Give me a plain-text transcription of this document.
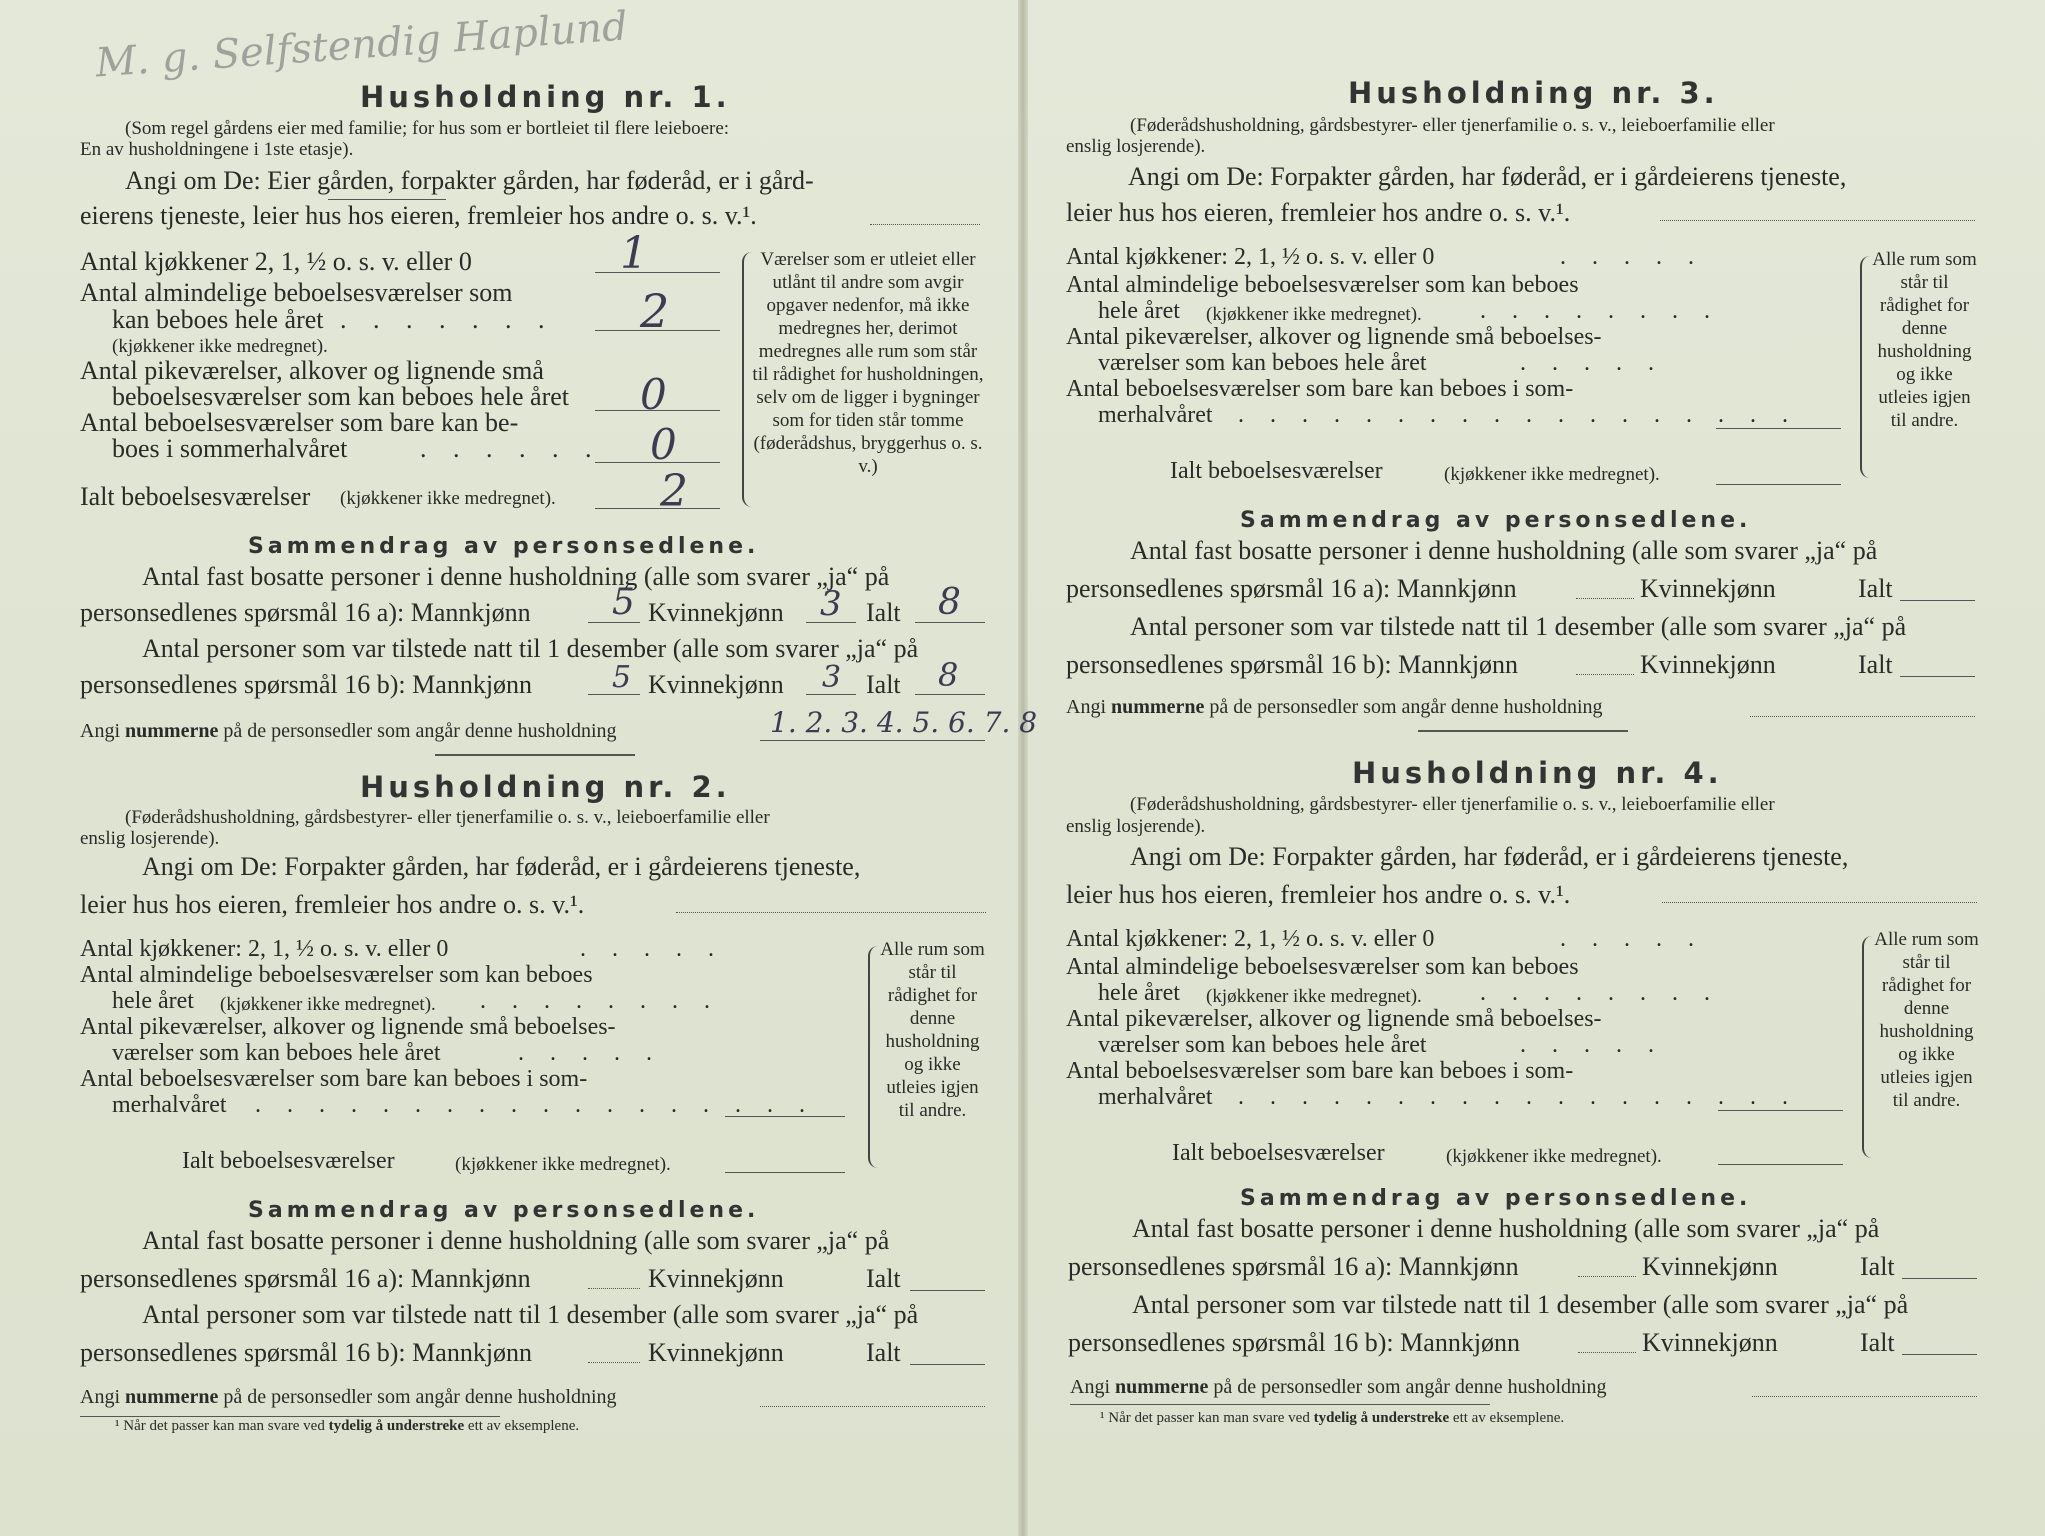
M. g. Selfstendig Haplund
Husholdning nr. 1.
(Som regel gårdens eier med familie; for hus som er bortleiet til flere leieboere:
En av husholdningene i 1ste etasje).
Angi om De: Eier gården, forpakter gården, har føderåd, er i gård-
eierens tjeneste, leier hus hos eieren, fremleier hos andre o. s. v.¹.
Antal kjøkkener 2, 1, ½ o. s. v. eller 0	1
Antal almindelige beboelsesværelser som
kan beboes hele året . . . . . . . 2
(kjøkkener ikke medregnet).
Antal pikeværelser, alkover og lignende små
beboelsesværelser som kan beboes hele året 0
Antal beboelsesværelser som bare kan be-
boes i sommerhalvåret	. . . . . . 0
Ialt beboelsesværelser (kjøkkener ikke medregnet). 2
Værelser som er utleiet eller utlånt til andre som avgir opgaver nedenfor, må ikke medregnes her, derimot medregnes alle rum som står til rådighet for husholdningen, selv om de ligger i bygninger som for tiden står tomme (føderådshus, bryggerhus o. s. v.)
Sammendrag av personsedlene.
Antal fast bosatte personer i denne husholdning (alle som svarer „ja“ på
personsedlenes spørsmål 16 a): Mannkjønn 5 Kvinnekjønn 3 Ialt 8
Antal personer som var tilstede natt til 1 desember (alle som svarer „ja“ på
personsedlenes spørsmål 16 b): Mannkjønn	5 Kvinnekjønn 3 Ialt 8
Angi nummerne på de personsedler som angår denne husholdning	1. 2. 3. 4. 5. 6. 7. 8
Husholdning nr. 2.
(Føderådshusholdning, gårdsbestyrer- eller tjenerfamilie o. s. v., leieboerfamilie eller
enslig losjerende).
Angi om De: Forpakter gården, har føderåd, er i gårdeierens tjeneste,
leier hus hos eieren, fremleier hos andre o. s. v.¹.
Antal kjøkkener: 2, 1, ½ o. s. v. eller 0	. . . . .
Antal almindelige beboelsesværelser som kan beboes
hele året (kjøkkener ikke medregnet). . . . . . . . .
Antal pikeværelser, alkover og lignende små beboelses-
værelser som kan beboes hele året	. . . . .
Antal beboelsesværelser som bare kan beboes i som-
merhalvåret . . . . . . . . . . . . . . . . . .
Ialt beboelsesværelser	(kjøkkener ikke medregnet).
Alle rum som står til rådighet for denne husholdning og ikke utleies igjen til andre.
Sammendrag av personsedlene.
Antal fast bosatte personer i denne husholdning (alle som svarer „ja“ på
personsedlenes spørsmål 16 a): Mannkjønn	Kvinnekjønn	Ialt
Antal personer som var tilstede natt til 1 desember (alle som svarer „ja“ på
personsedlenes spørsmål 16 b): Mannkjønn	Kvinnekjønn	Ialt
Angi nummerne på de personsedler som angår denne husholdning
¹ Når det passer kan man svare ved tydelig å understreke ett av eksemplene.
Husholdning nr. 3.
(Føderådshusholdning, gårdsbestyrer- eller tjenerfamilie o. s. v., leieboerfamilie eller
enslig losjerende).
Angi om De: Forpakter gården, har føderåd, er i gårdeierens tjeneste,
leier hus hos eieren, fremleier hos andre o. s. v.¹.
Antal kjøkkener: 2, 1, ½ o. s. v. eller 0	. . . . .
Antal almindelige beboelsesværelser som kan beboes
hele året (kjøkkener ikke medregnet). . . . . . . . .
Antal pikeværelser, alkover og lignende små beboelses-
værelser som kan beboes hele året	. . . . .
Antal beboelsesværelser som bare kan beboes i som-
merhalvåret . . . . . . . . . . . . . . . . . .
Ialt beboelsesværelser	(kjøkkener ikke medregnet).
Alle rum som står til rådighet for denne husholdning og ikke utleies igjen til andre.
Sammendrag av personsedlene.
Antal fast bosatte personer i denne husholdning (alle som svarer „ja“ på
personsedlenes spørsmål 16 a): Mannkjønn	Kvinnekjønn	Ialt
Antal personer som var tilstede natt til 1 desember (alle som svarer „ja“ på
personsedlenes spørsmål 16 b): Mannkjønn	Kvinnekjønn	Ialt
Angi nummerne på de personsedler som angår denne husholdning
Husholdning nr. 4.
(Føderådshusholdning, gårdsbestyrer- eller tjenerfamilie o. s. v., leieboerfamilie eller
enslig losjerende).
Angi om De: Forpakter gården, har føderåd, er i gårdeierens tjeneste,
leier hus hos eieren, fremleier hos andre o. s. v.¹.
Antal kjøkkener: 2, 1, ½ o. s. v. eller 0	. . . . .
Antal almindelige beboelsesværelser som kan beboes
hele året (kjøkkener ikke medregnet). . . . . . . . .
Antal pikeværelser, alkover og lignende små beboelses-
værelser som kan beboes hele året	. . . . .
Antal beboelsesværelser som bare kan beboes i som-
merhalvåret . . . . . . . . . . . . . . . . . .
Ialt beboelsesværelser	(kjøkkener ikke medregnet).
Alle rum som står til rådighet for denne husholdning og ikke utleies igjen til andre.
Sammendrag av personsedlene.
Antal fast bosatte personer i denne husholdning (alle som svarer „ja“ på
personsedlenes spørsmål 16 a): Mannkjønn	Kvinnekjønn	Ialt
Antal personer som var tilstede natt til 1 desember (alle som svarer „ja“ på
personsedlenes spørsmål 16 b): Mannkjønn	Kvinnekjønn	Ialt
Angi nummerne på de personsedler som angår denne husholdning
¹ Når det passer kan man svare ved tydelig å understreke ett av eksemplene.
